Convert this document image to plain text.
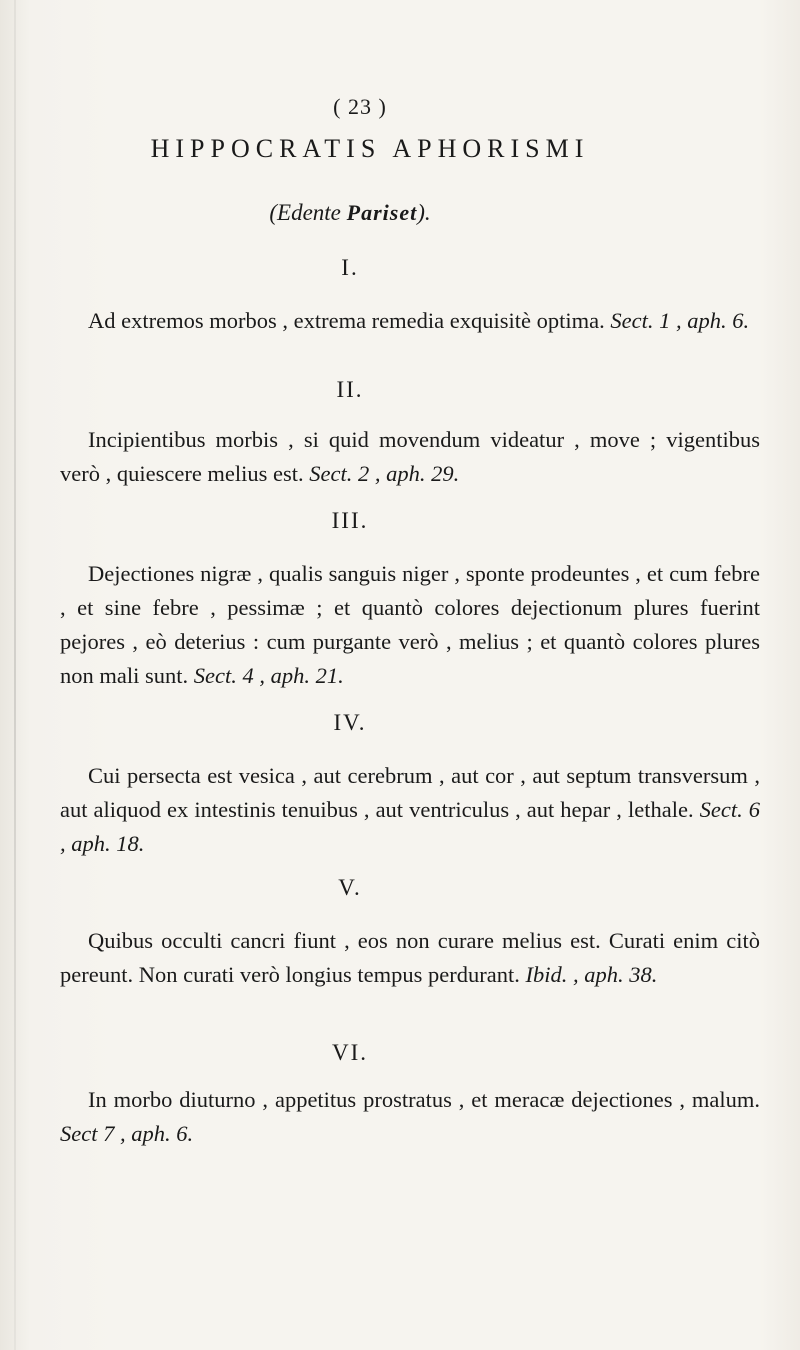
( 23 )
HIPPOCRATIS APHORISMI
(Edente Pariset).
I.
Ad extremos morbos , extrema remedia exquisitè optima. Sect. 1 , aph. 6.
II.
Incipientibus morbis , si quid movendum videatur , move ; vigentibus verò , quiescere melius est. Sect. 2 , aph. 29.
III.
Dejectiones nigræ , qualis sanguis niger , sponte prodeuntes , et cum febre , et sine febre , pessimæ ; et quantò colores dejectionum plures fuerint pejores , eò deterius : cum purgante verò , melius ; et quantò colores plures non mali sunt. Sect. 4 , aph. 21.
IV.
Cui persecta est vesica , aut cerebrum , aut cor , aut septum transversum , aut aliquod ex intestinis tenuibus , aut ventriculus , aut hepar , lethale. Sect. 6 , aph. 18.
V.
Quibus occulti cancri fiunt , eos non curare melius est. Curati enim citò pereunt. Non curati verò longius tempus perdurant. Ibid. , aph. 38.
VI.
In morbo diuturno , appetitus prostratus , et meracæ dejectiones , malum. Sect 7 , aph. 6.
